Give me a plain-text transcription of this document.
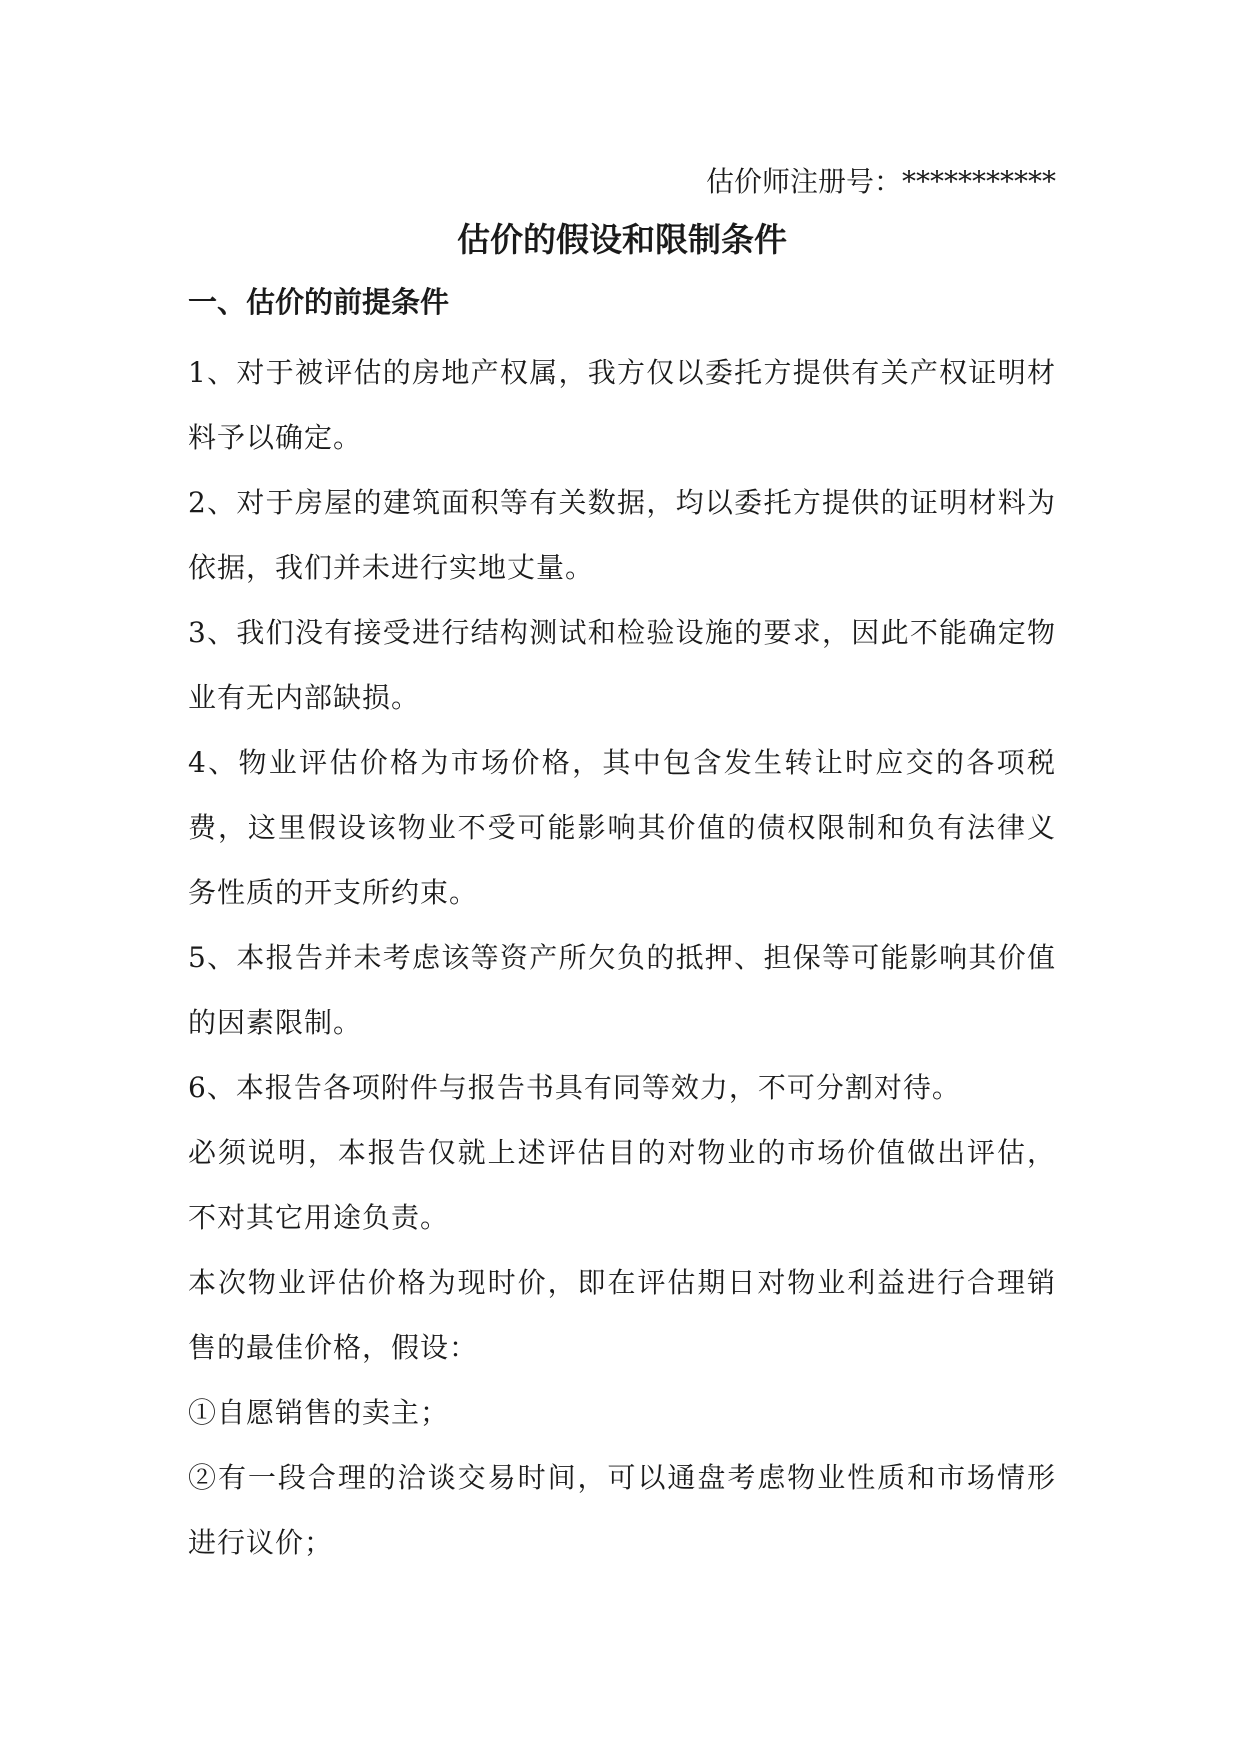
估价师注册号：***********
估价的假设和限制条件
一、估价的前提条件

1、对于被评估的房地产权属，我方仅以委托方提供有关产权证明材料予以确定。

2、对于房屋的建筑面积等有关数据，均以委托方提供的证明材料为依据，我们并未进行实地丈量。

3、我们没有接受进行结构测试和检验设施的要求，因此不能确定物业有无内部缺损。

4、物业评估价格为市场价格，其中包含发生转让时应交的各项税费，这里假设该物业不受可能影响其价值的债权限制和负有法律义务性质的开支所约束。

5、本报告并未考虑该等资产所欠负的抵押、担保等可能影响其价值的因素限制。

6、本报告各项附件与报告书具有同等效力，不可分割对待。

必须说明，本报告仅就上述评估目的对物业的市场价值做出评估，不对其它用途负责。

本次物业评估价格为现时价，即在评估期日对物业利益进行合理销售的最佳价格，假设：

①自愿销售的卖主；

②有一段合理的洽谈交易时间，可以通盘考虑物业性质和市场情形进行议价；
